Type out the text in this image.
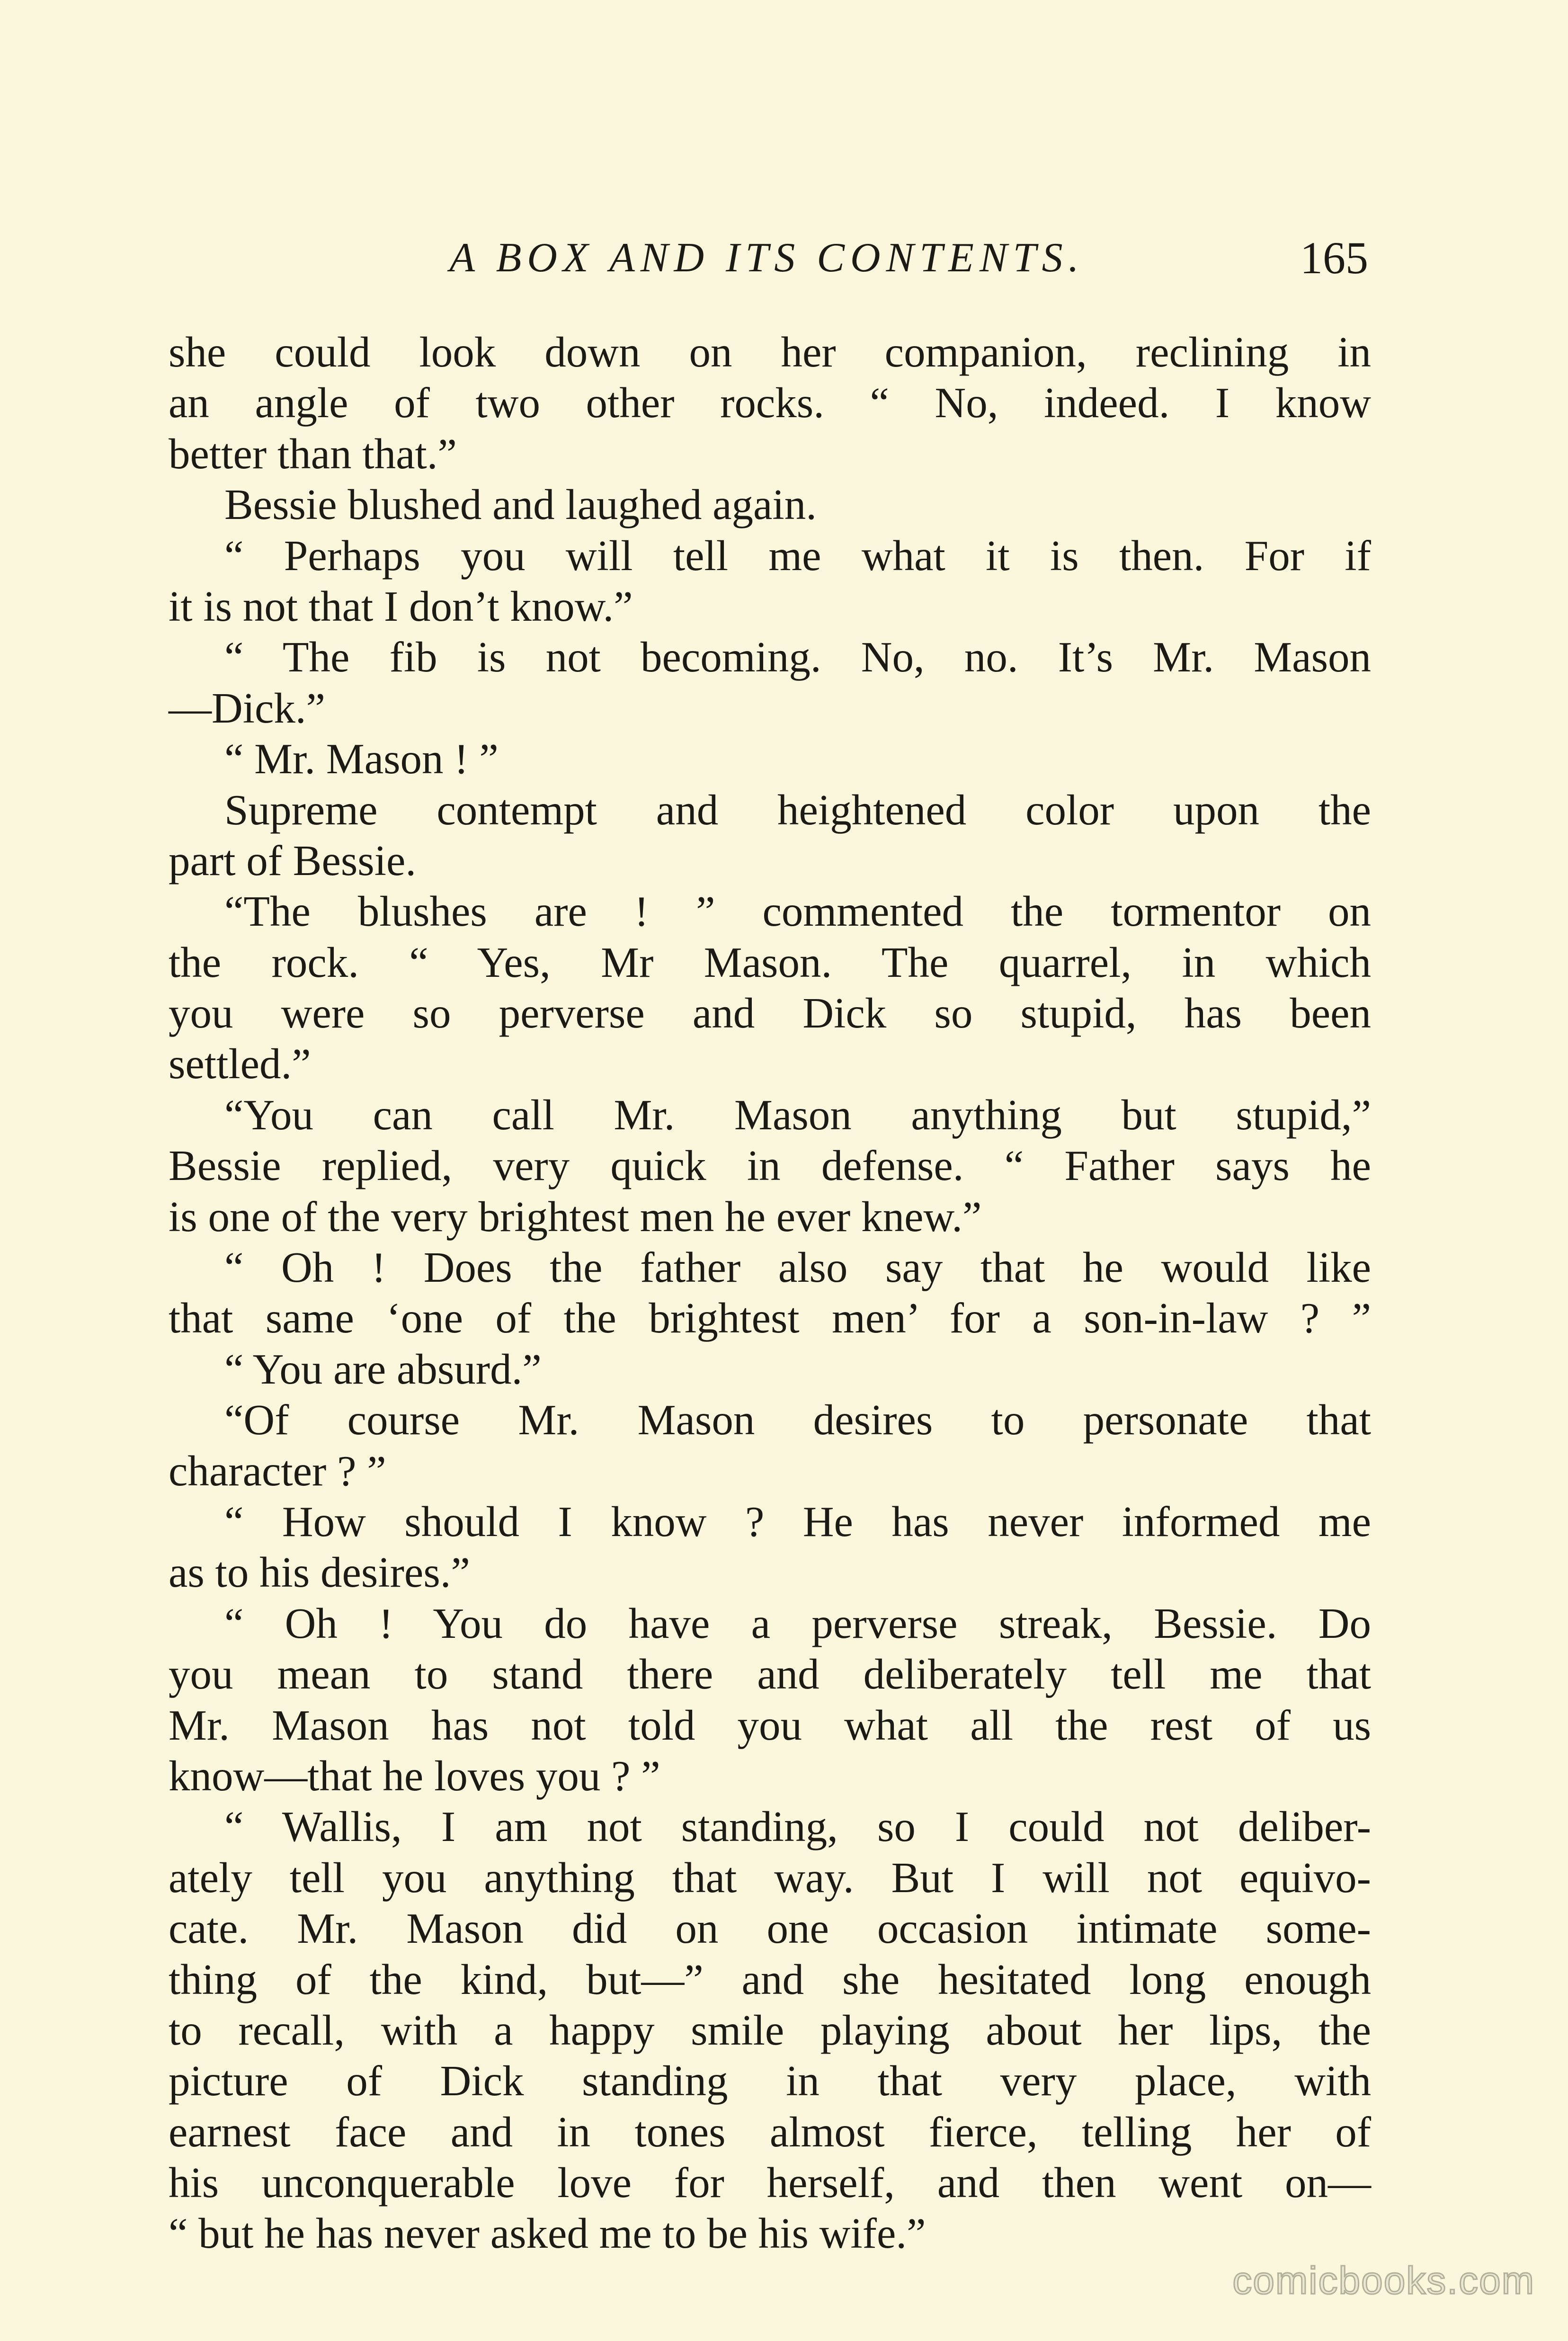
A BOX AND ITS CONTENTS.	165
she could look down on her companion, reclining in
an angle of two other rocks. “ No, indeed. I know
better than that.”
Bessie blushed and laughed again.
“ Perhaps you will tell me what it is then. For if
it is not that I don’t know.”
“ The fib is not becoming. No, no. It’s Mr. Mason
—Dick.”
“ Mr. Mason ! ”
Supreme contempt and heightened color upon the
part of Bessie.
“The blushes are ! ” commented the tormentor on
the rock. “ Yes, Mr Mason. The quarrel, in which
you were so perverse and Dick so stupid, has been
settled.”
“You can call Mr. Mason anything but stupid,”
Bessie replied, very quick in defense. “ Father says he
is one of the very brightest men he ever knew.”
“ Oh ! Does the father also say that he would like
that same ‘one of the brightest men’ for a son-in-law ? ”
“ You are absurd.”
“Of course Mr. Mason desires to personate that
character ? ”
“ How should I know ? He has never informed me
as to his desires.”
“ Oh ! You do have a perverse streak, Bessie. Do
you mean to stand there and deliberately tell me that
Mr. Mason has not told you what all the rest of us
know—that he loves you ? ”
“ Wallis, I am not standing, so I could not deliber-
ately tell you anything that way. But I will not equivo-
cate. Mr. Mason did on one occasion intimate some-
thing of the kind, but—” and she hesitated long enough
to recall, with a happy smile playing about her lips, the
picture of Dick standing in that very place, with
earnest face and in tones almost fierce, telling her of
his unconquerable love for herself, and then went on—
“ but he has never asked me to be his wife.”
comicbooks.com
